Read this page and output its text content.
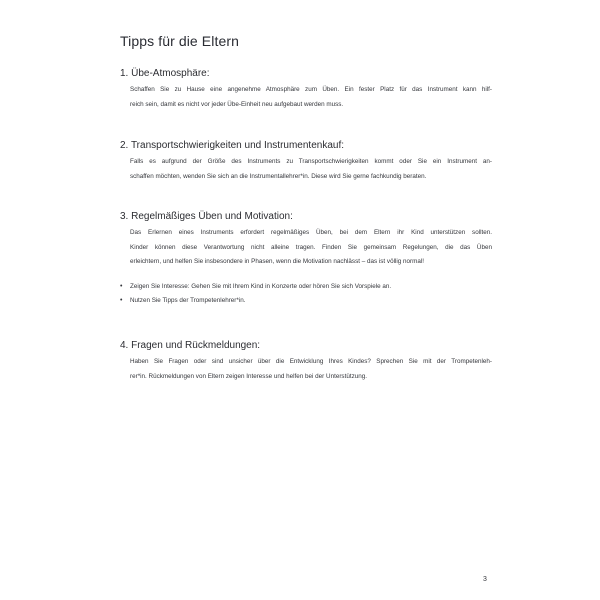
Tipps für die Eltern
1. Übe-Atmosphäre:
Schaffen Sie zu Hause eine angenehme Atmosphäre zum Üben. Ein fester Platz für das Instrument kann hilf-
reich sein, damit es nicht vor jeder Übe-Einheit neu aufgebaut werden muss.
2. Transportschwierigkeiten und Instrumentenkauf:
Falls es aufgrund der Größe des Instruments zu Transportschwierigkeiten kommt oder Sie ein Instrument an-
schaffen möchten, wenden Sie sich an die Instrumentallehrer*in. Diese wird Sie gerne fachkundig beraten.
3. Regelmäßiges Üben und Motivation:
Das Erlernen eines Instruments erfordert regelmäßiges Üben, bei dem Eltern ihr Kind unterstützen sollten.
Kinder können diese Verantwortung nicht alleine tragen. Finden Sie gemeinsam Regelungen, die das Üben
erleichtern, und helfen Sie insbesondere in Phasen, wenn die Motivation nachlässt – das ist völlig normal!
• Zeigen Sie Interesse: Gehen Sie mit Ihrem Kind in Konzerte oder hören Sie sich Vorspiele an.
• Nutzen Sie Tipps der Trompetenlehrer*in.
4. Fragen und Rückmeldungen:
Haben Sie Fragen oder sind unsicher über die Entwicklung Ihres Kindes? Sprechen Sie mit der Trompetenleh-
rer*in. Rückmeldungen von Eltern zeigen Interesse und helfen bei der Unterstützung.
3
